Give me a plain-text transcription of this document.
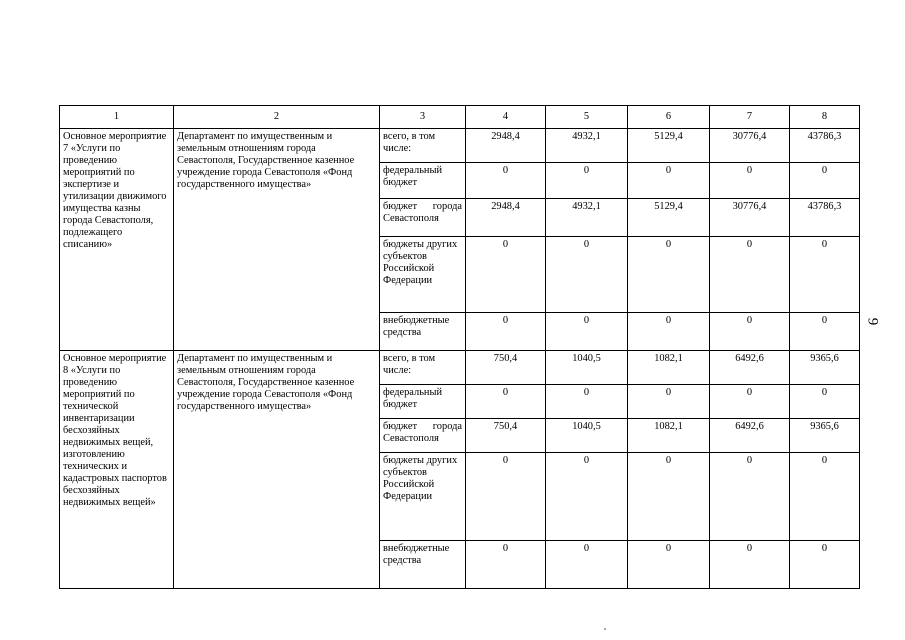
1	2	3	4	5	6	7	8
Основное мероприятие 7 «Услуги по проведению мероприятий по экспертизе и утилизации движимого имущества казны города Севастополя, подлежащего списанию»	Департамент по имущественным и земельным отношениям города Севастополя, Государственное казенное учреждение города Севастополя «Фонд государственного имущества»	всего, в том числе:	2948,4	4932,1	5129,4	30776,4	43786,3
		федеральный бюджет	0	0	0	0	0
		бюджет города Севастополя	2948,4	4932,1	5129,4	30776,4	43786,3
		бюджеты других субъектов Российской Федерации	0	0	0	0	0
		внебюджетные средства	0	0	0	0	0
Основное мероприятие 8 «Услуги по проведению мероприятий по технической инвентаризации бесхозяйных недвижимых вещей, изготовлению технических и кадастровых паспортов бесхозяйных недвижимых вещей»	Департамент по имущественным и земельным отношениям города Севастополя, Государственное казенное учреждение города Севастополя «Фонд государственного имущества»	всего, в том числе:	750,4	1040,5	1082,1	6492,6	9365,6
		федеральный бюджет	0	0	0	0	0
		бюджет города Севастополя	750,4	1040,5	1082,1	6492,6	9365,6
		бюджеты других субъектов Российской Федерации	0	0	0	0	0
		внебюджетные средства	0	0	0	0	0
9
